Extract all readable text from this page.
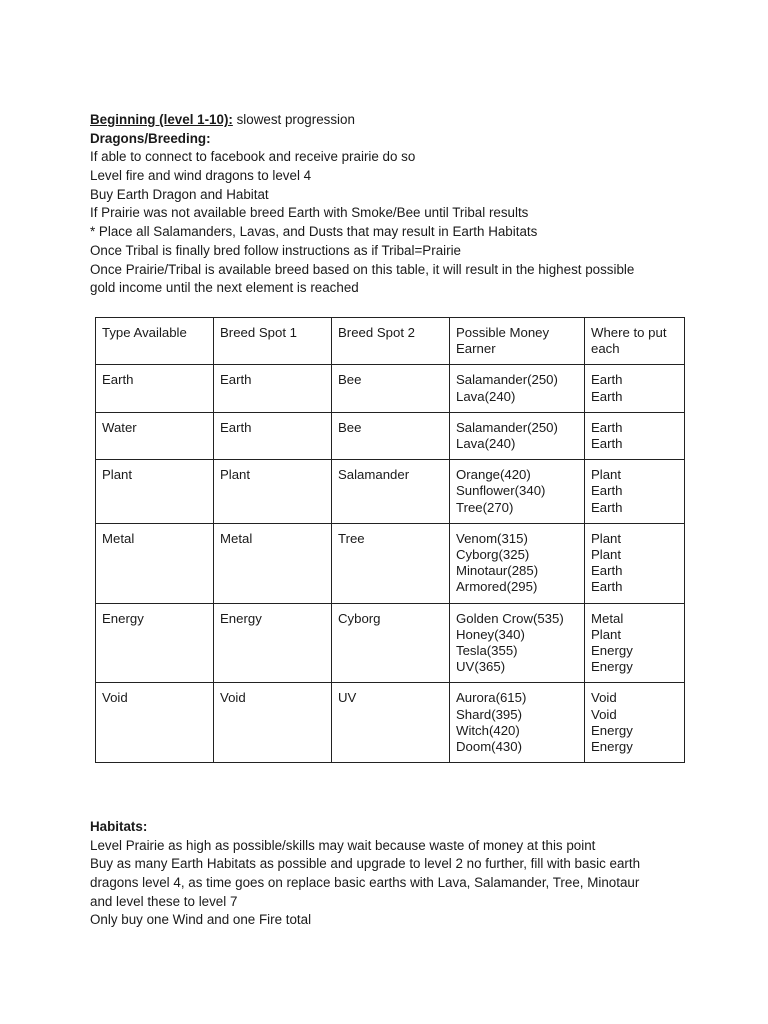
Beginning (level 1-10): slowest progression
Dragons/Breeding:
If able to connect to facebook and receive prairie do so
Level fire and wind dragons to level 4
Buy Earth Dragon and Habitat
If Prairie was not available breed Earth with Smoke/Bee until Tribal results
* Place all Salamanders, Lavas, and Dusts that may result in Earth Habitats
Once Tribal is finally bred follow instructions as if Tribal=Prairie
Once Prairie/Tribal is available breed based on this table, it will result in the highest possible
gold income until the next element is reached
Type Available	Breed Spot 1	Breed Spot 2	Possible Money Earner	Where to put each
Earth	Earth	Bee	Salamander(250)
Lava(240)	Earth
Earth

Water	Earth	Bee	Salamander(250)
Lava(240)	Earth
Earth

Plant	Plant	Salamander	Orange(420)
Sunflower(340)
Tree(270)	Plant
Earth
Earth

Metal	Metal	Tree	Venom(315)
Cyborg(325)
Minotaur(285)
Armored(295)	Plant
Plant
Earth
Earth

Energy	Energy	Cyborg	Golden Crow(535)
Honey(340)
Tesla(355)
UV(365)	Metal
Plant
Energy
Energy

Void	Void	UV	Aurora(615)
Shard(395)
Witch(420)
Doom(430)	Void
Void
Energy
Energy
Habitats:
Level Prairie as high as possible/skills may wait because waste of money at this point
Buy as many Earth Habitats as possible and upgrade to level 2 no further, fill with basic earth
dragons level 4, as time goes on replace basic earths with Lava, Salamander, Tree, Minotaur
and level these to level 7
Only buy one Wind and one Fire total
